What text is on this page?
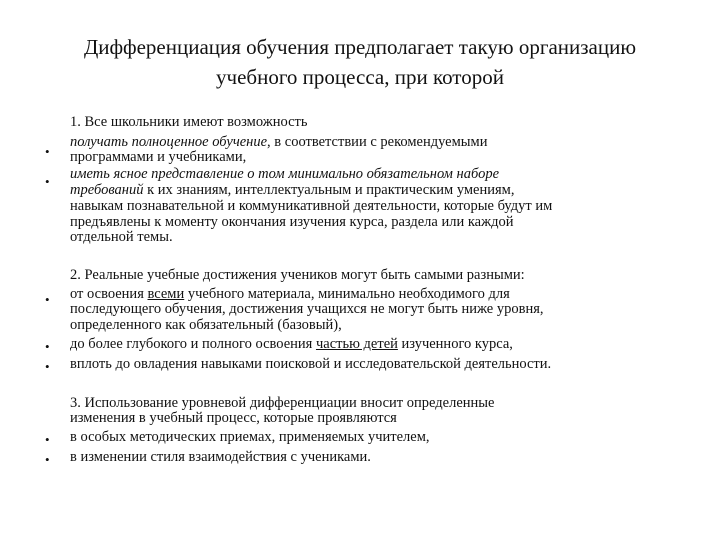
Дифференциация обучения предполагает такую организацию
учебного процесса, при которой
1. Все школьники имеют возможность
•
получать полноценное обучение, в соответствии с рекомендуемыми
программами и учебниками,
• иметь ясное представление о том минимально обязательном наборе
требований к их знаниям, интеллектуальным и практическим умениям,
навыкам познавательной и коммуникативной деятельности, которые будут им
предъявлены к моменту окончания изучения курса, раздела или каждой
отдельной темы.
2. Реальные учебные достижения учеников могут быть самыми разными:
• от освоения всеми учебного материала, минимально необходимого для
последующего обучения, достижения учащихся не могут быть ниже уровня,
определенного как обязательный (базовый),
• до более глубокого и полного освоения частью детей изученного курса,
• вплоть до овладения навыками поисковой и исследовательской деятельности.
3. Использование уровневой дифференциации вносит определенные
изменения в учебный процесс, которые проявляются
• в особых методических приемах, применяемых учителем,
• в изменении стиля взаимодействия с учениками.
